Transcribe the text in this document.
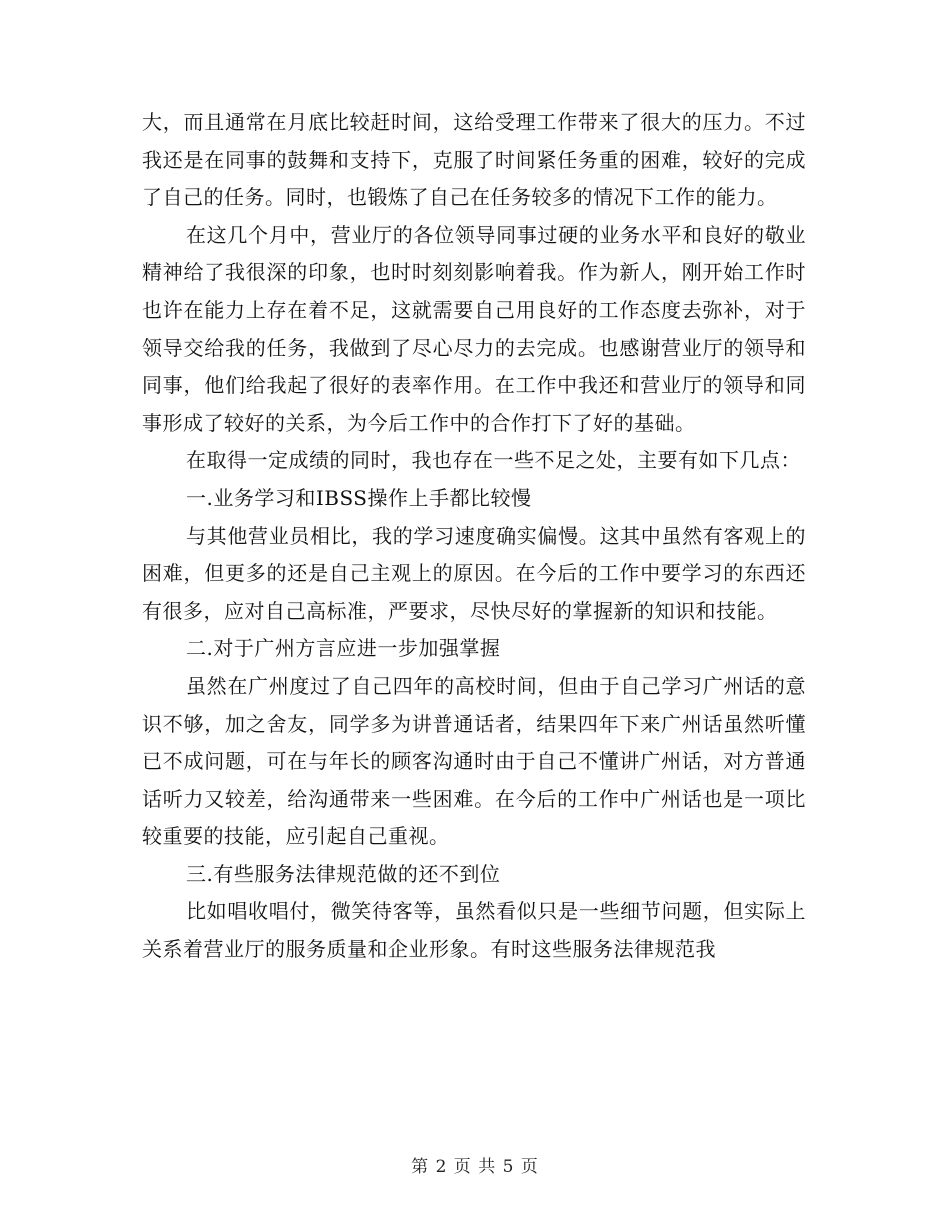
大，而且通常在月底比较赶时间，这给受理工作带来了很大的压力。不过我还是在同事的鼓舞和支持下，克服了时间紧任务重的困难，较好的完成了自己的任务。同时，也锻炼了自己在任务较多的情况下工作的能力。

在这几个月中，营业厅的各位领导同事过硬的业务水平和良好的敬业精神给了我很深的印象，也时时刻刻影响着我。作为新人，刚开始工作时也许在能力上存在着不足，这就需要自己用良好的工作态度去弥补，对于领导交给我的任务，我做到了尽心尽力的去完成。也感谢营业厅的领导和同事，他们给我起了很好的表率作用。在工作中我还和营业厅的领导和同事形成了较好的关系，为今后工作中的合作打下了好的基础。

在取得一定成绩的同时，我也存在一些不足之处，主要有如下几点：

一.业务学习和IBSS操作上手都比较慢

与其他营业员相比，我的学习速度确实偏慢。这其中虽然有客观上的困难，但更多的还是自己主观上的原因。在今后的工作中要学习的东西还有很多，应对自己高标准，严要求，尽快尽好的掌握新的知识和技能。

二.对于广州方言应进一步加强掌握

虽然在广州度过了自己四年的高校时间，但由于自己学习广州话的意识不够，加之舍友，同学多为讲普通话者，结果四年下来广州话虽然听懂已不成问题，可在与年长的顾客沟通时由于自己不懂讲广州话，对方普通话听力又较差，给沟通带来一些困难。在今后的工作中广州话也是一项比较重要的技能，应引起自己重视。

三.有些服务法律规范做的还不到位

比如唱收唱付，微笑待客等，虽然看似只是一些细节问题，但实际上关系着营业厅的服务质量和企业形象。有时这些服务法律规范我

第 2 页 共 5 页
